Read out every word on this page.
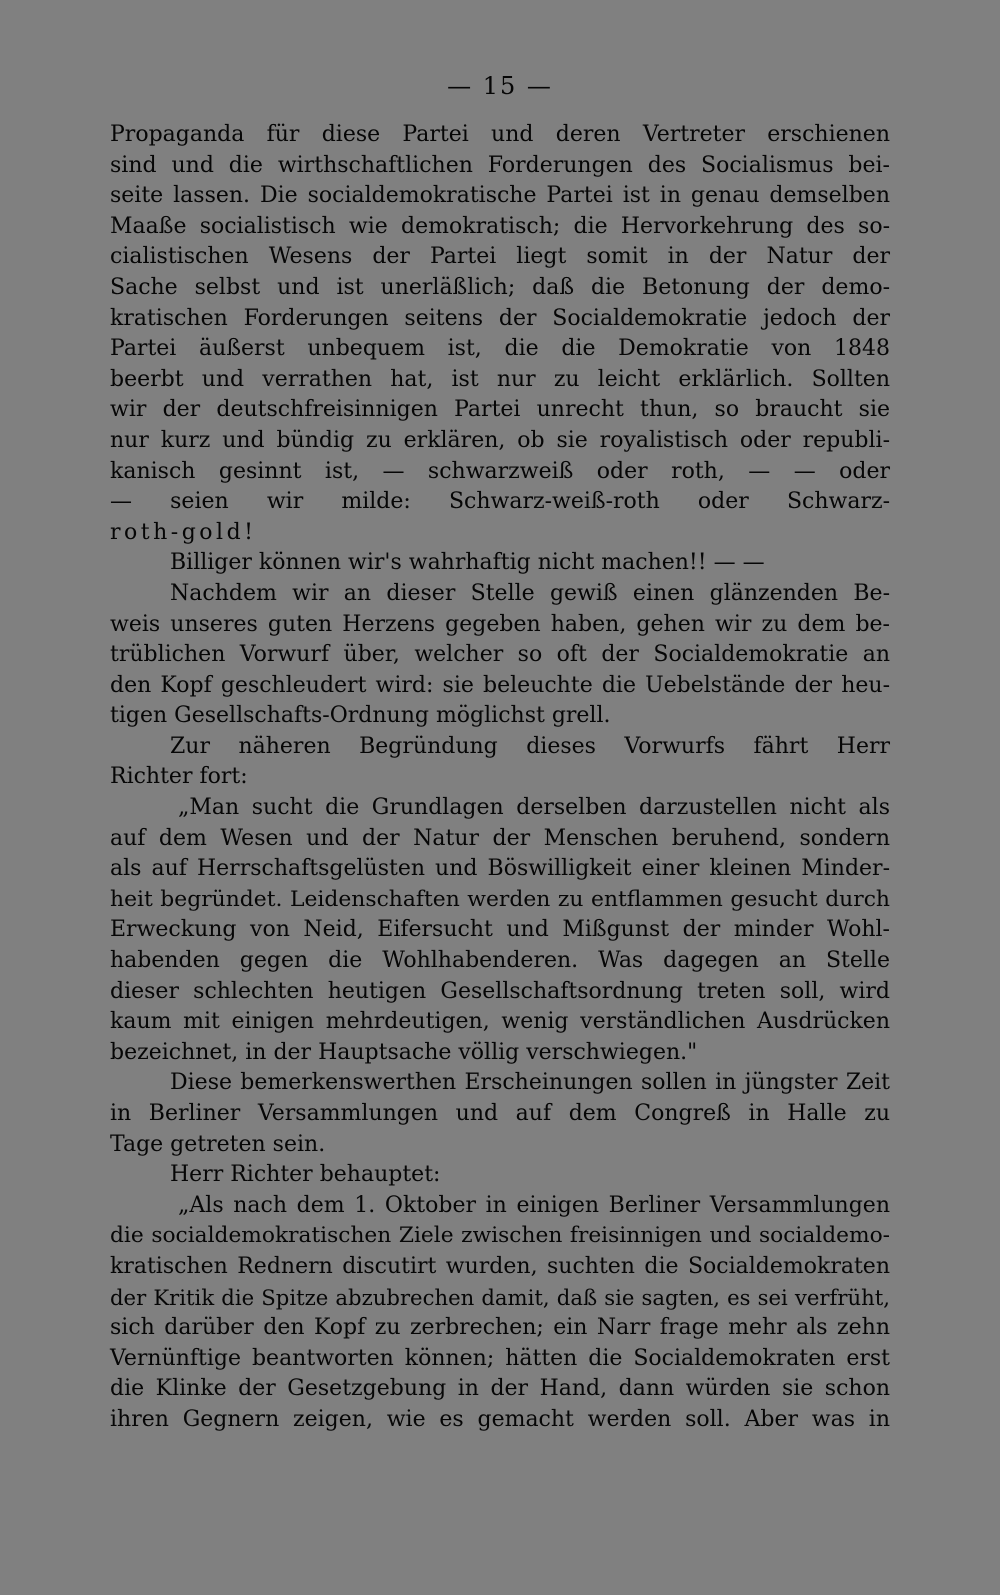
— 15 —
Propaganda für diese Partei und deren Vertreter erschienen
sind und die wirthschaftlichen Forderungen des Socialismus bei-
seite lassen. Die socialdemokratische Partei ist in genau demselben
Maaße socialistisch wie demokratisch; die Hervorkehrung des so-
cialistischen Wesens der Partei liegt somit in der Natur der
Sache selbst und ist unerläßlich; daß die Betonung der demo-
kratischen Forderungen seitens der Socialdemokratie jedoch der
Partei äußerst unbequem ist, die die Demokratie von 1848
beerbt und verrathen hat, ist nur zu leicht erklärlich. Sollten
wir der deutschfreisinnigen Partei unrecht thun, so braucht sie
nur kurz und bündig zu erklären, ob sie royalistisch oder republi-
kanisch gesinnt ist, — schwarzweiß oder roth, — — oder
— seien wir milde: Schwarz-weiß-roth oder Schwarz-
roth-gold!
Billiger können wir's wahrhaftig nicht machen!! — —
Nachdem wir an dieser Stelle gewiß einen glänzenden Be-
weis unseres guten Herzens gegeben haben, gehen wir zu dem be-
trüblichen Vorwurf über, welcher so oft der Socialdemokratie an
den Kopf geschleudert wird: sie beleuchte die Uebelstände der heu-
tigen Gesellschafts-Ordnung möglichst grell.
Zur näheren Begründung dieses Vorwurfs fährt Herr
Richter fort:
„Man sucht die Grundlagen derselben darzustellen nicht als
auf dem Wesen und der Natur der Menschen beruhend, sondern
als auf Herrschaftsgelüsten und Böswilligkeit einer kleinen Minder-
heit begründet. Leidenschaften werden zu entflammen gesucht durch
Erweckung von Neid, Eifersucht und Mißgunst der minder Wohl-
habenden gegen die Wohlhabenderen. Was dagegen an Stelle
dieser schlechten heutigen Gesellschaftsordnung treten soll, wird
kaum mit einigen mehrdeutigen, wenig verständlichen Ausdrücken
bezeichnet, in der Hauptsache völlig verschwiegen."
Diese bemerkenswerthen Erscheinungen sollen in jüngster Zeit
in Berliner Versammlungen und auf dem Congreß in Halle zu
Tage getreten sein.
Herr Richter behauptet:
„Als nach dem 1. Oktober in einigen Berliner Versammlungen
die socialdemokratischen Ziele zwischen freisinnigen und socialdemo-
kratischen Rednern discutirt wurden, suchten die Socialdemokraten
der Kritik die Spitze abzubrechen damit, daß sie sagten, es sei verfrüht,
sich darüber den Kopf zu zerbrechen; ein Narr frage mehr als zehn
Vernünftige beantworten können; hätten die Socialdemokraten erst
die Klinke der Gesetzgebung in der Hand, dann würden sie schon
ihren Gegnern zeigen, wie es gemacht werden soll. Aber was in
